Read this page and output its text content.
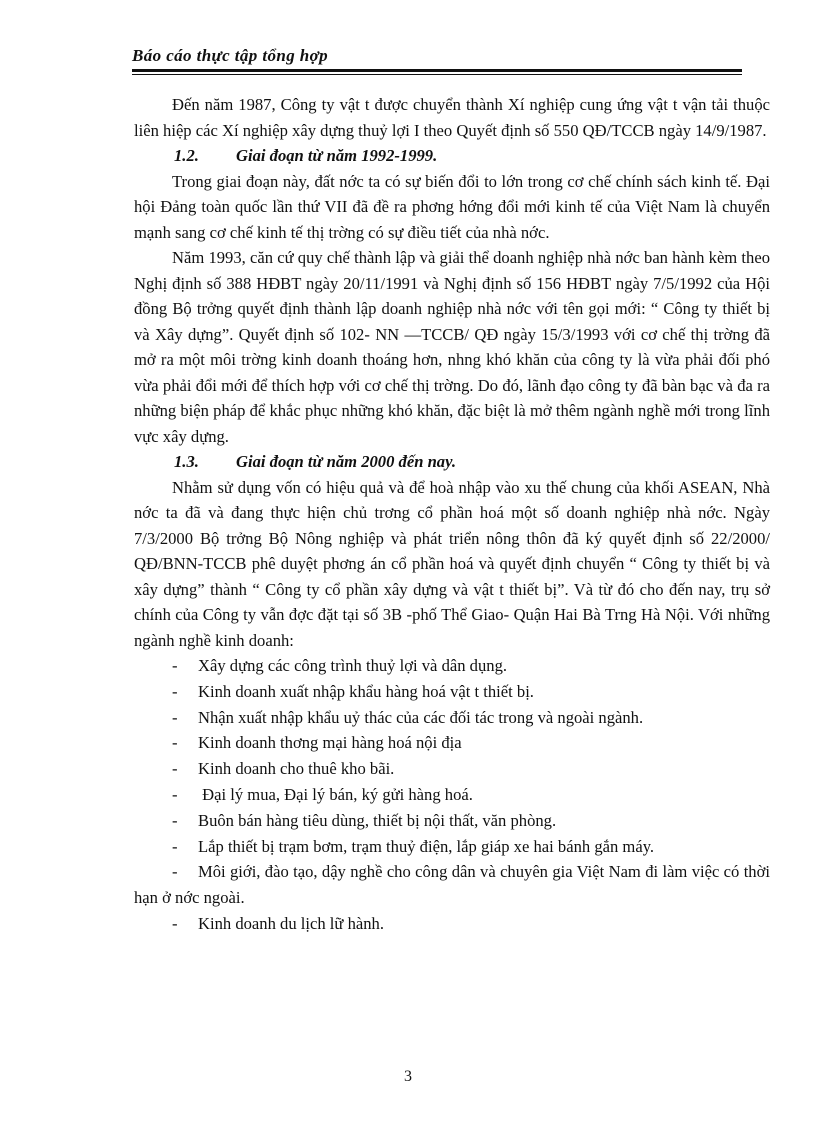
Báo cáo thực tập tổng hợp

Đến năm 1987, Công ty vật t được chuyển thành Xí nghiệp cung ứng vật t vận tải thuộc liên hiệp các Xí nghiệp xây dựng thuỷ lợi I theo Quyết định số 550 QĐ/TCCB ngày 14/9/1987.

1.2. Giai đoạn từ năm 1992-1999.

Trong giai đoạn này, đất nớc ta có sự biến đổi to lớn trong cơ chế chính sách kinh tế. Đại hội Đảng toàn quốc lần thứ VII đã đề ra phơng hớng đổi mới kinh tế của Việt Nam là chuyển mạnh sang cơ chế kinh tế thị trờng có sự điều tiết của nhà nớc.

Năm 1993, căn cứ quy chế thành lập và giải thể doanh nghiệp nhà nớc ban hành kèm theo Nghị định số 388 HĐBT ngày 20/11/1991 và Nghị định số 156 HĐBT ngày 7/5/1992 của Hội đồng Bộ trởng quyết định thành lập doanh nghiệp nhà nớc với tên gọi mới: “ Công ty thiết bị và Xây dựng”. Quyết định số 102- NN —TCCB/ QĐ ngày 15/3/1993 với cơ chế thị trờng đã mở ra một môi trờng kinh doanh thoáng hơn, nhng khó khăn của công ty là vừa phải đối phó vừa phải đổi mới để thích hợp với cơ chế thị trờng. Do đó, lãnh đạo công ty đã bàn bạc và đa ra những biện pháp để khắc phục những khó khăn, đặc biệt là mở thêm ngành nghề mới trong lĩnh vực xây dựng.

1.3. Giai đoạn từ năm 2000 đến nay.

Nhằm sử dụng vốn có hiệu quả và để hoà nhập vào xu thế chung của khối ASEAN, Nhà nớc ta đã và đang thực hiện chủ trơng cổ phần hoá một số doanh nghiệp nhà nớc. Ngày 7/3/2000 Bộ trởng Bộ Nông nghiệp và phát triển nông thôn đã ký quyết định số 22/2000/ QĐ/BNN-TCCB phê duyệt phơng án cổ phần hoá và quyết định chuyển “ Công ty thiết bị và xây dựng” thành “ Công ty cổ phần xây dựng và vật t thiết bị”. Và từ đó cho đến nay, trụ sở chính của Công ty vẫn đợc đặt tại số 3B -phố Thể Giao- Quận Hai Bà Trng Hà Nội. Với những ngành nghề kinh doanh:

- Xây dựng các công trình thuỷ lợi và dân dụng.

- Kinh doanh xuất nhập khẩu hàng hoá vật t thiết bị.

- Nhận xuất nhập khẩu uỷ thác của các đối tác trong và ngoài ngành.

- Kinh doanh thơng mại hàng hoá nội địa

- Kinh doanh cho thuê kho bãi.

- Đại lý mua, Đại lý bán, ký gửi hàng hoá.

- Buôn bán hàng tiêu dùng, thiết bị nội thất, văn phòng.

- Lắp thiết bị trạm bơm, trạm thuỷ điện, lắp giáp xe hai bánh gắn máy.

- Môi giới, đào tạo, dậy nghề cho công dân và chuyên gia Việt Nam đi làm việc có thời hạn ở nớc ngoài.

- Kinh doanh du lịch lữ hành.

3
